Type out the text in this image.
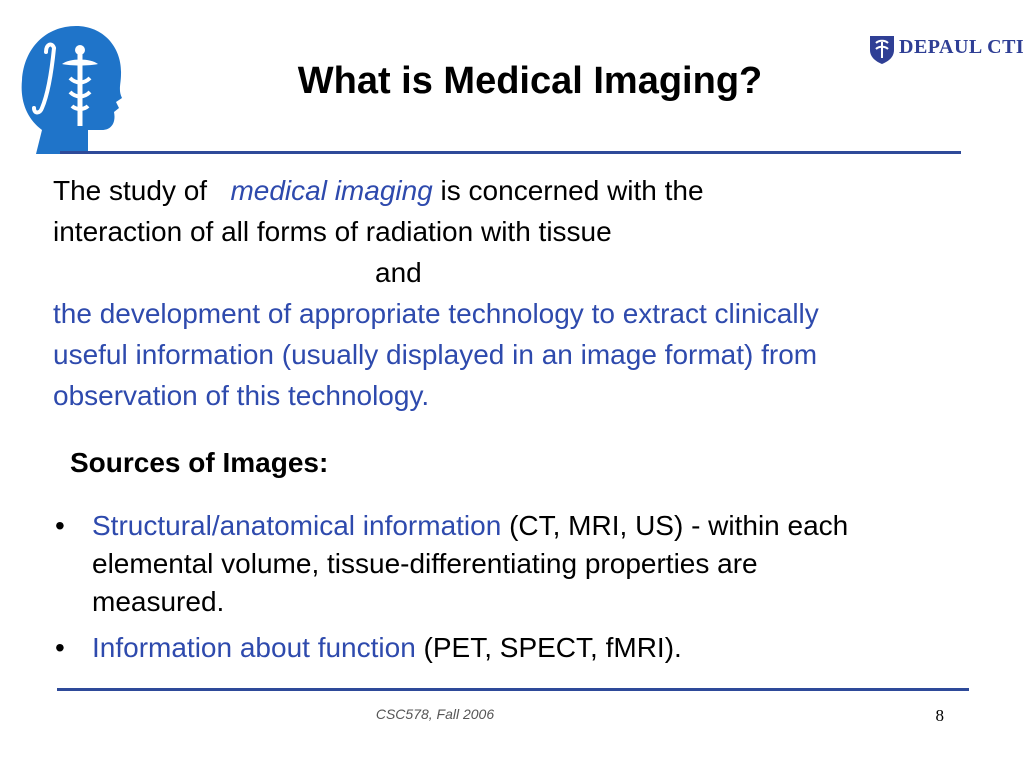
DEPAUL CTI
What is Medical Imaging?
The study of medical imaging is concerned with the
interaction of all forms of radiation with tissue
and
the development of appropriate technology to extract clinically
useful information (usually displayed in an image format) from
observation of this technology.
Sources of Images:
• Structural/anatomical information (CT, MRI, US) - within each
elemental volume, tissue-differentiating properties are
measured.
• Information about function (PET, SPECT, fMRI).
CSC578, Fall 2006	8
